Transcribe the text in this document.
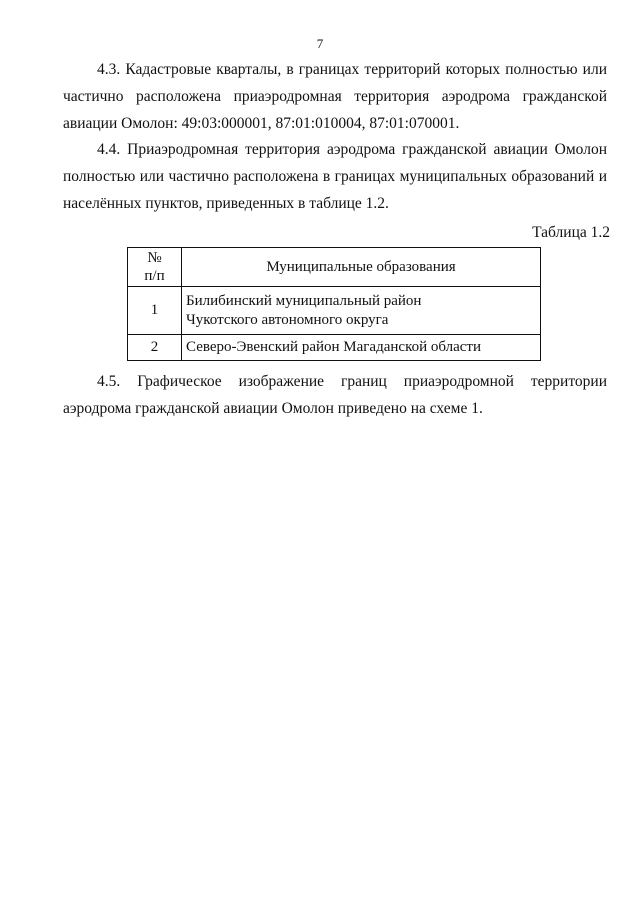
7

4.3. Кадастровые кварталы, в границах территорий которых полностью или частично расположена приаэродромная территория аэродрома гражданской авиации Омолон: 49:03:000001, 87:01:010004, 87:01:070001.

4.4. Приаэродромная территория аэродрома гражданской авиации Омолон полностью или частично расположена в границах муниципальных образований и населённых пунктов, приведенных в таблице 1.2.

Таблица 1.2
№
п/п	Муниципальные образования
1	Билибинский муниципальный район
Чукотского автономного округа
2	Северо-Эвенский район Магаданской области

4.5. Графическое изображение границ приаэродромной территории аэродрома гражданской авиации Омолон приведено на схеме 1.
